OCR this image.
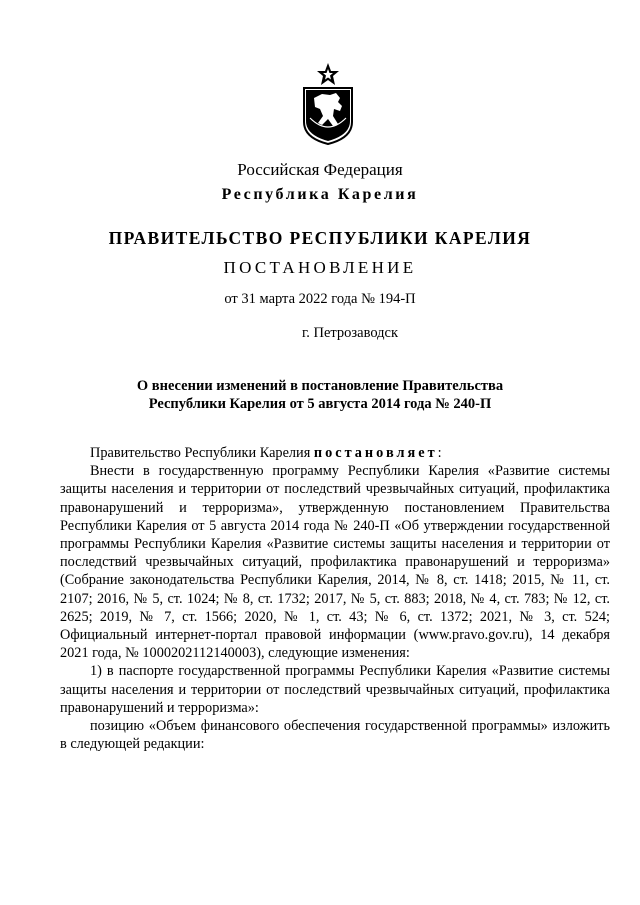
Российская Федерация
Республика Карелия
ПРАВИТЕЛЬСТВО РЕСПУБЛИКИ КАРЕЛИЯ
ПОСТАНОВЛЕНИЕ
от 31 марта 2022 года № 194-П
г. Петрозаводск
О внесении изменений в постановление Правительства
Республики Карелия от 5 августа 2014 года № 240-П

Правительство Республики Карелия постановляет:

Внести в государственную программу Республики Карелия «Развитие системы защиты населения и территории от последствий чрезвычайных ситуаций, профилактика правонарушений и терроризма», утвержденную постановлением Правительства Республики Карелия от 5 августа 2014 года № 240-П «Об утверждении государственной программы Республики Карелия «Развитие системы защиты населения и территории от последствий чрезвычайных ситуаций, профилактика правонарушений и терроризма» (Собрание законодательства Республики Карелия, 2014, № 8, ст. 1418; 2015, № 11, ст. 2107; 2016, № 5, ст. 1024; № 8, ст. 1732; 2017, № 5, ст. 883; 2018, № 4, ст. 783; № 12, ст. 2625; 2019, № 7, ст. 1566; 2020, № 1, ст. 43; № 6, ст. 1372; 2021, № 3, ст. 524; Официальный интернет-портал правовой информации (www.pravo.gov.ru), 14 декабря 2021 года, № 1000202112140003), следующие изменения:

1) в паспорте государственной программы Республики Карелия «Развитие системы защиты населения и территории от последствий чрезвычайных ситуаций, профилактика правонарушений и терроризма»:

позицию «Объем финансового обеспечения государственной программы» изложить в следующей редакции:
